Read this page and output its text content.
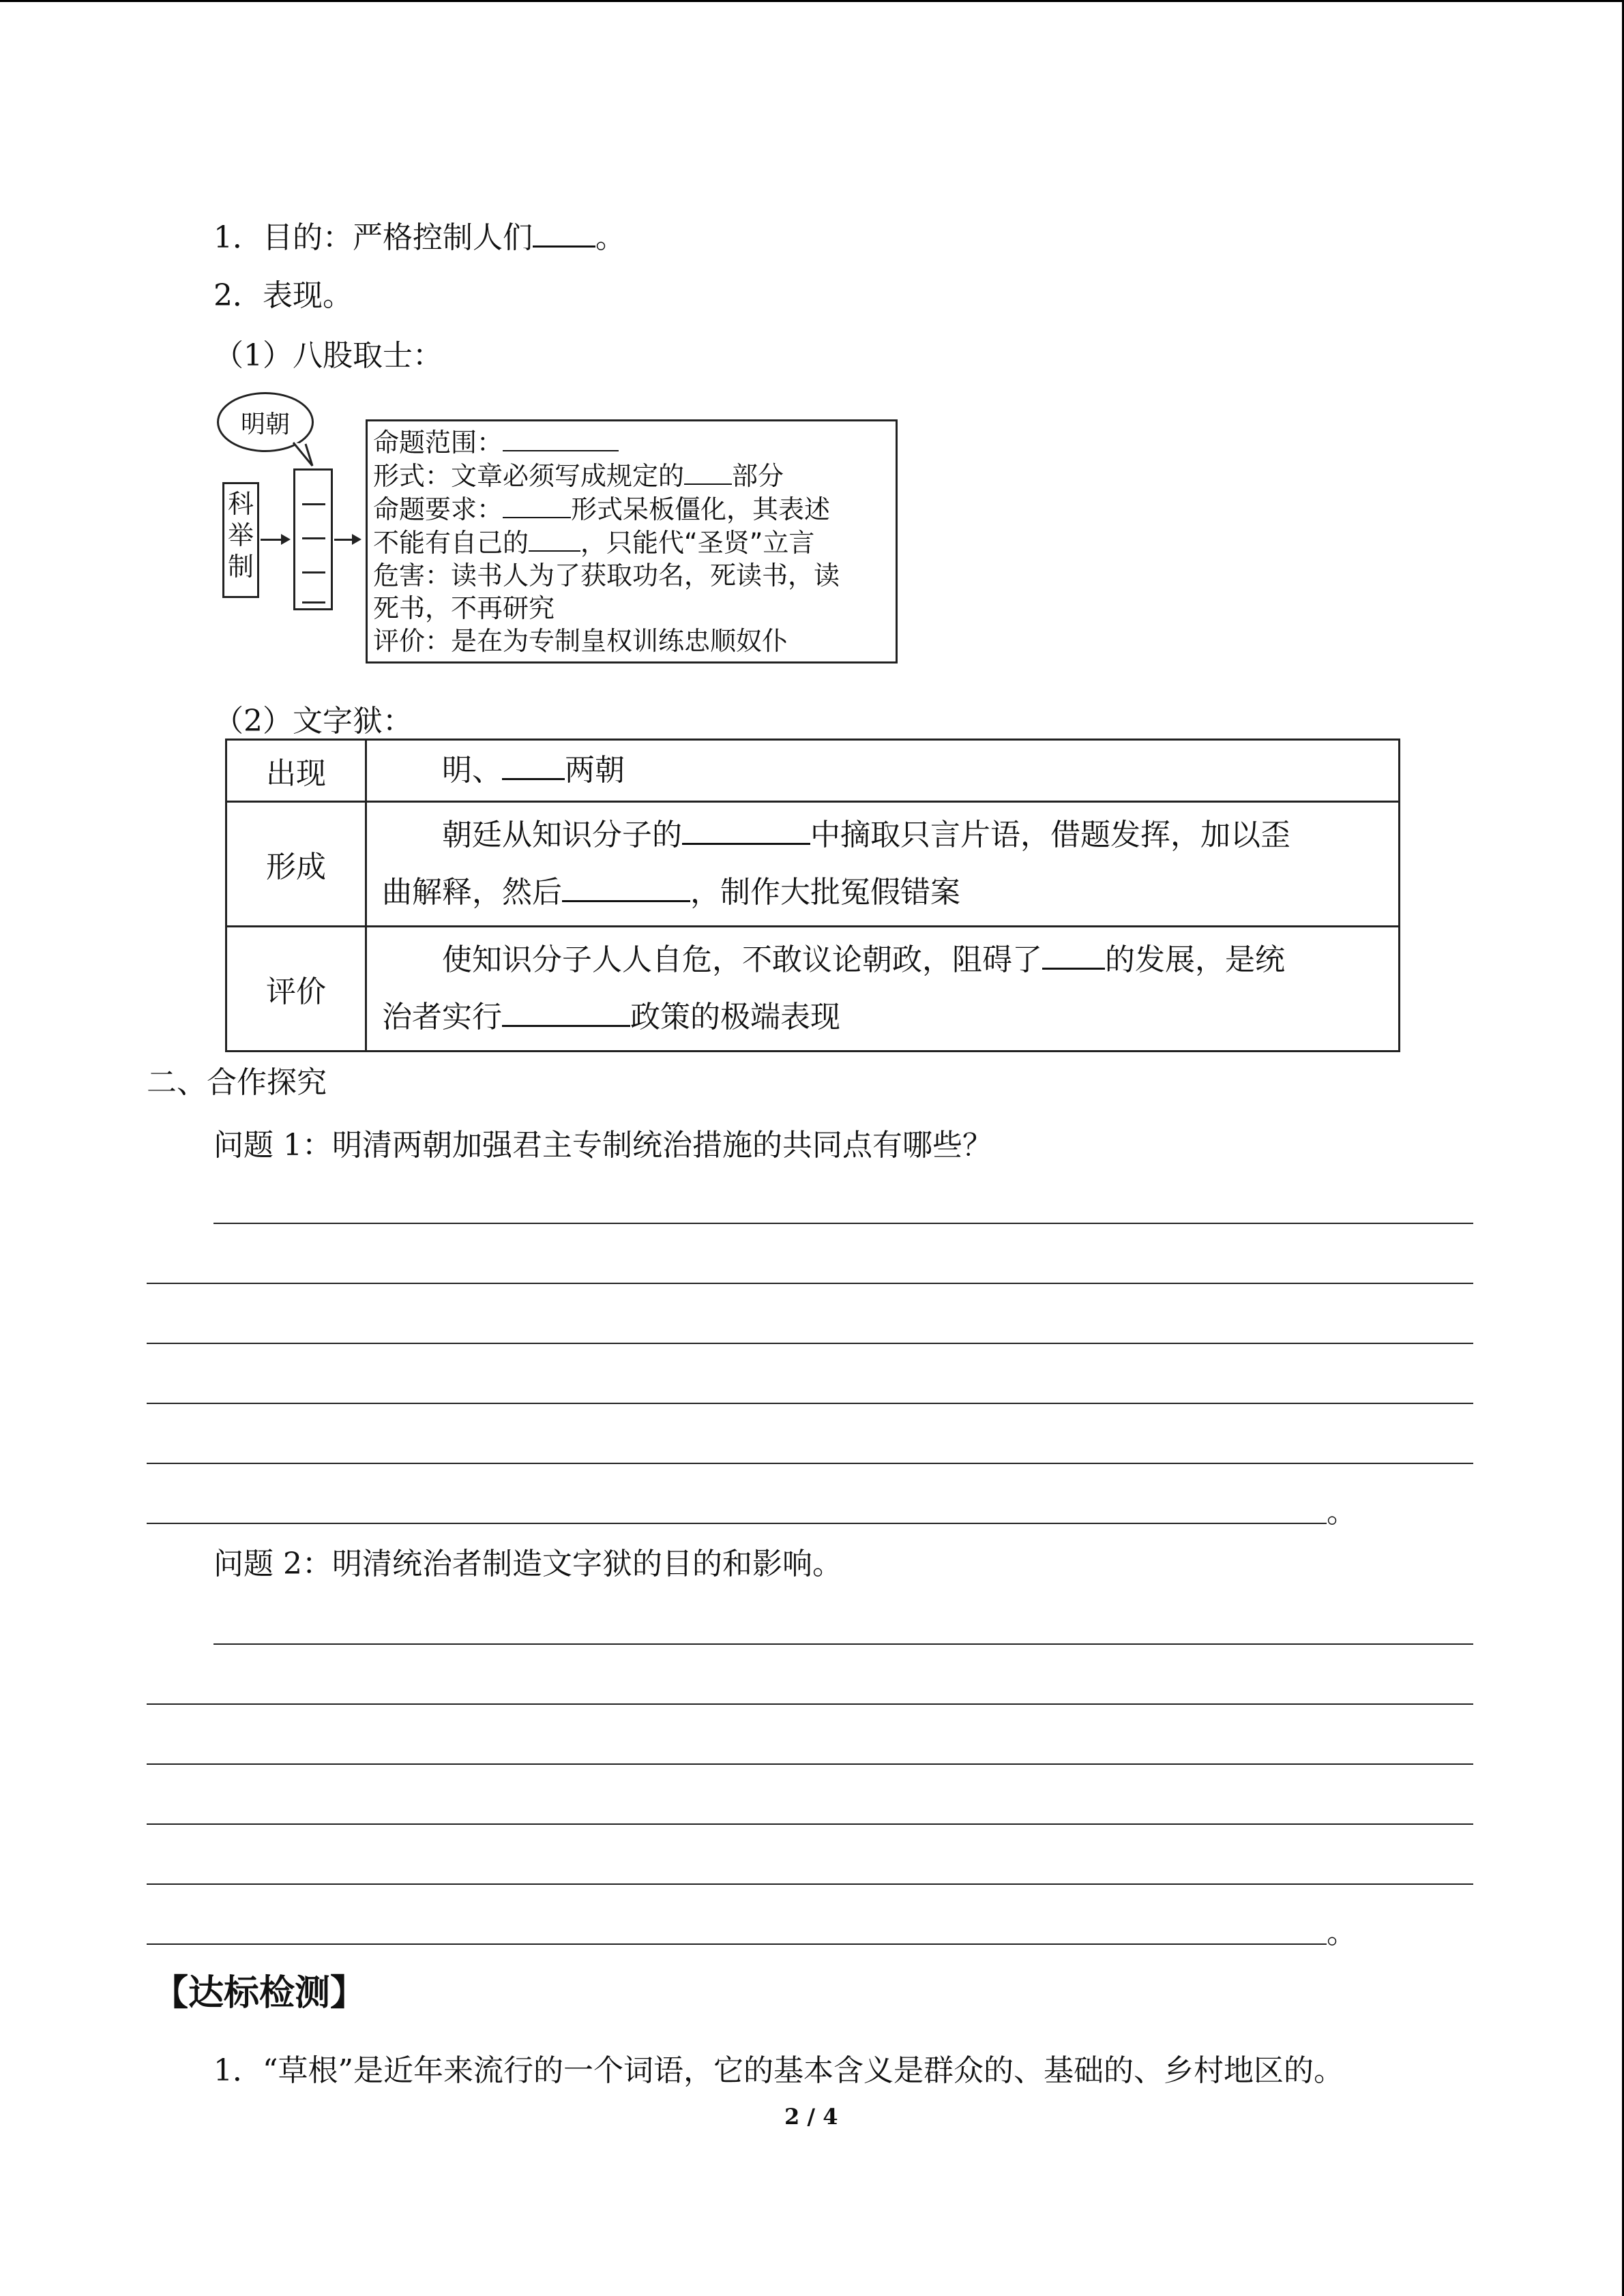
1．目的：严格控制人们 。
2．表现。
（1）八股取士：
明朝
科
举
制
命题范围：
形式：文章必须写成规定的 部分
命题要求：	形式呆板僵化，其表述
不能有自己的 ，只能代“圣贤”立言
危害：读书人为了获取功名，死读书，读
死书，不再研究
评价：是在为专制皇权训练忠顺奴仆
（2）文字狱：
出现	明、 两朝
形成	朝廷从知识分子的 中摘取只言片语，借题发挥，加以歪
曲解释，然后 ，制作大批冤假错案
评价	使知识分子人人自危，不敢议论朝政，阻碍了 的发展，是统
治者实行 政策的极端表现
二、合作探究
问题 1：明清两朝加强君主专制统治措施的共同点有哪些？
。
问题 2：明清统治者制造文字狱的目的和影响。
。
【达标检测】
1．“草根”是近年来流行的一个词语，它的基本含义是群众的、基础的、乡村地区的。
2 / 4
